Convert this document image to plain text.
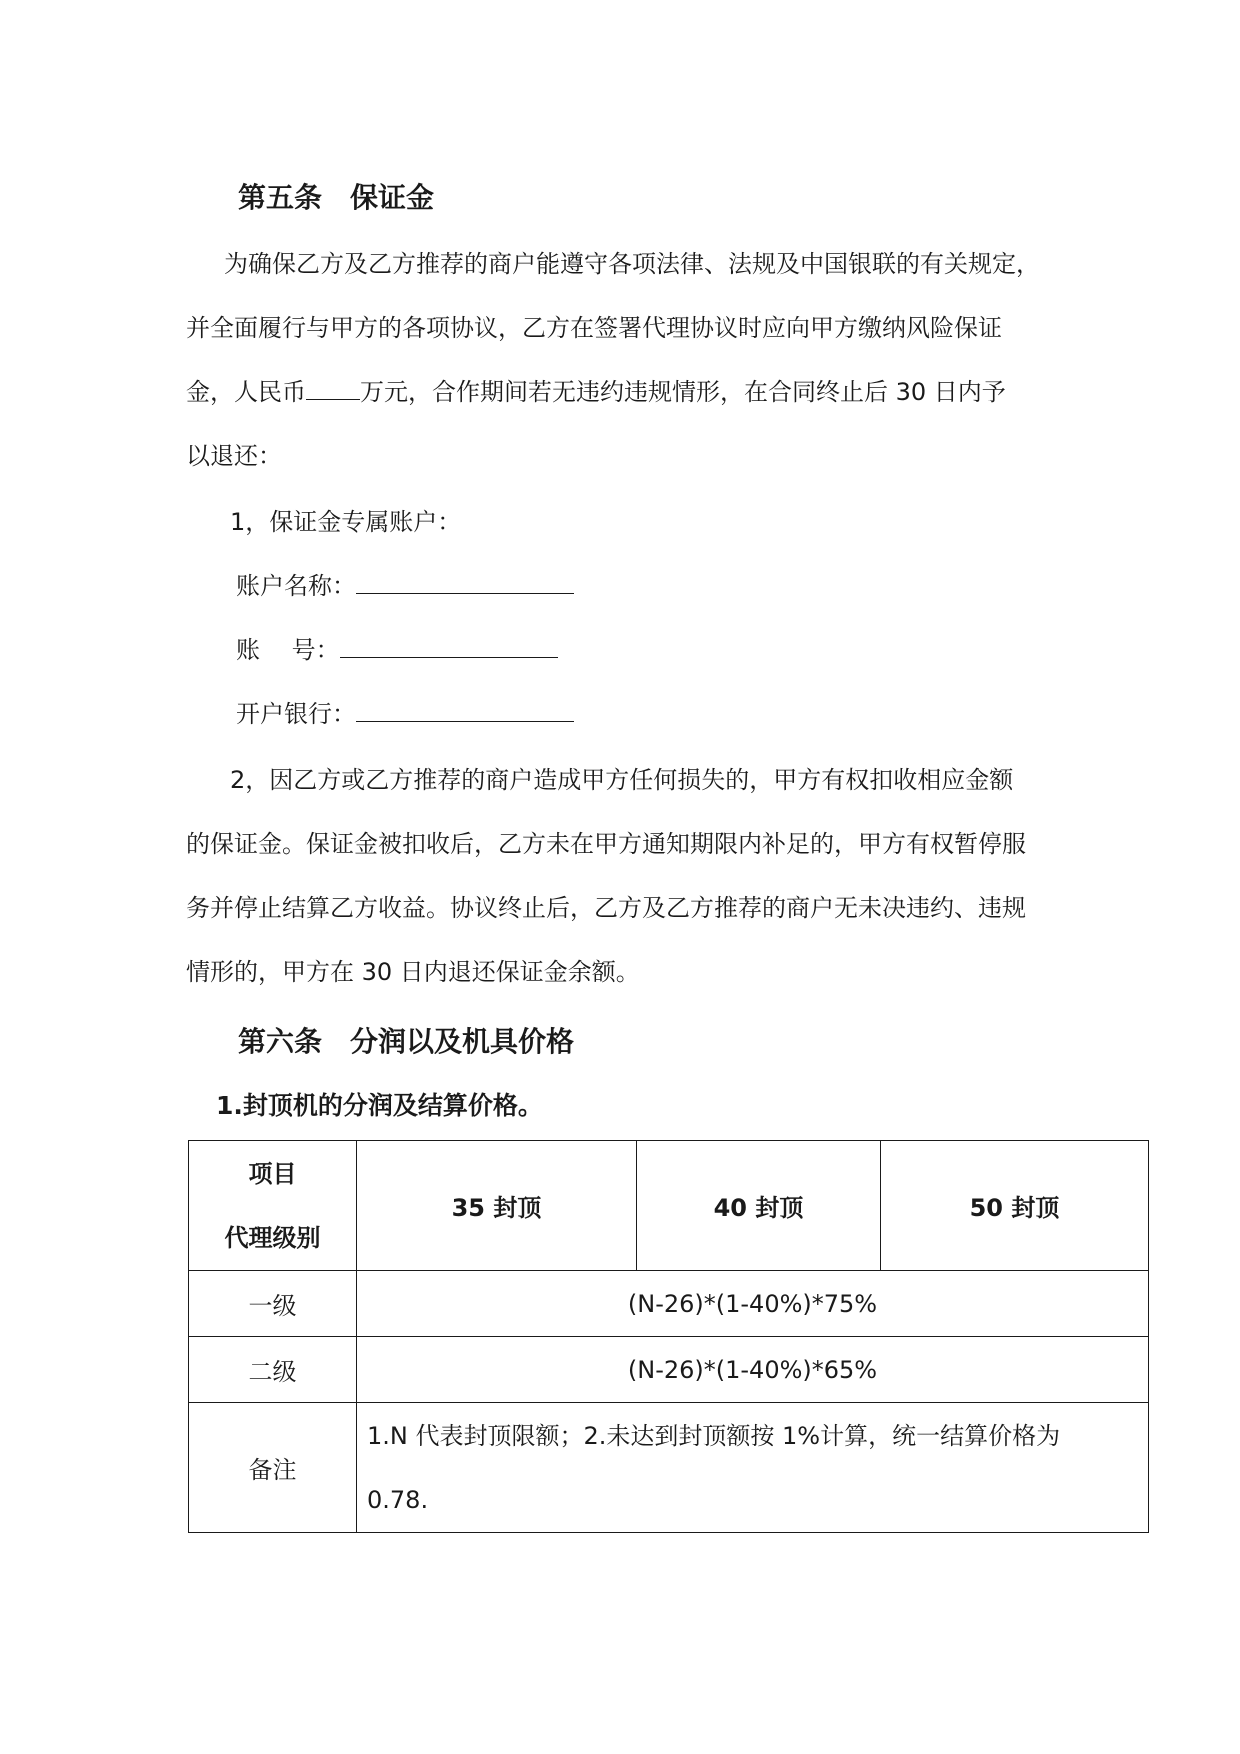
第五条　保证金
为确保乙方及乙方推荐的商户能遵守各项法律、法规及中国银联的有关规定，
并全面履行与甲方的各项协议，乙方在签署代理协议时应向甲方缴纳风险保证
金，人民币 万元，合作期间若无违约违规情形，在合同终止后 30 日内予
以退还：
1，保证金专属账户：
账户名称：
账　 号：
开户银行：
2，因乙方或乙方推荐的商户造成甲方任何损失的，甲方有权扣收相应金额
的保证金。保证金被扣收后，乙方未在甲方通知期限内补足的，甲方有权暂停服
务并停止结算乙方收益。协议终止后，乙方及乙方推荐的商户无未决违约、违规
情形的，甲方在 30 日内退还保证金余额。
第六条　分润以及机具价格
1.封顶机的分润及结算价格。
项目
代理级别	35 封顶	40 封顶	50 封顶
一级	(N-26)*(1-40%)*75%		
二级	(N-26)*(1-40%)*65%		
备注	1.N 代表封顶限额；2.未达到封顶额按 1%计算，统一结算价格为
0.78.		
